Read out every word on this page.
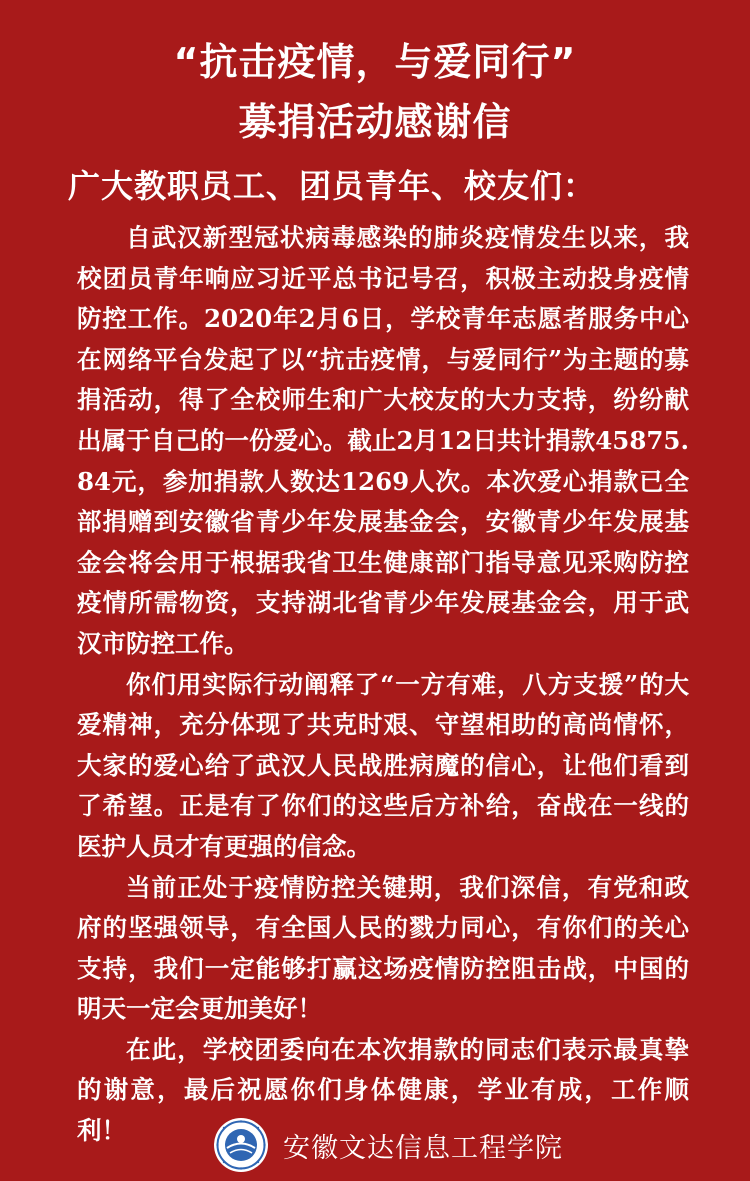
“抗击疫情，与爱同行”
募捐活动感谢信
广大教职员工、团员青年、校友们：

自武汉新型冠状病毒感染的肺炎疫情发生以来，我校团员青年响应习近平总书记号召，积极主动投身疫情防控工作。2020年2月6日，学校青年志愿者服务中心在网络平台发起了以“抗击疫情，与爱同行”为主题的募捐活动，得了全校师生和广大校友的大力支持，纷纷献出属于自己的一份爱心。截止2月12日共计捐款45875.84元，参加捐款人数达1269人次。本次爱心捐款已全部捐赠到安徽省青少年发展基金会，安徽青少年发展基金会将会用于根据我省卫生健康部门指导意见采购防控疫情所需物资，支持湖北省青少年发展基金会，用于武汉市防控工作。

你们用实际行动阐释了“一方有难，八方支援”的大爱精神，充分体现了共克时艰、守望相助的高尚情怀，大家的爱心给了武汉人民战胜病魔的信心，让他们看到了希望。正是有了你们的这些后方补给，奋战在一线的医护人员才有更强的信念。

当前正处于疫情防控关键期，我们深信，有党和政府的坚强领导，有全国人民的戮力同心，有你们的关心支持，我们一定能够打赢这场疫情防控阻击战，中国的明天一定会更加美好！

在此，学校团委向在本次捐款的同志们表示最真挚的谢意，最后祝愿你们身体健康，学业有成，工作顺利！

安徽文达信息工程学院
